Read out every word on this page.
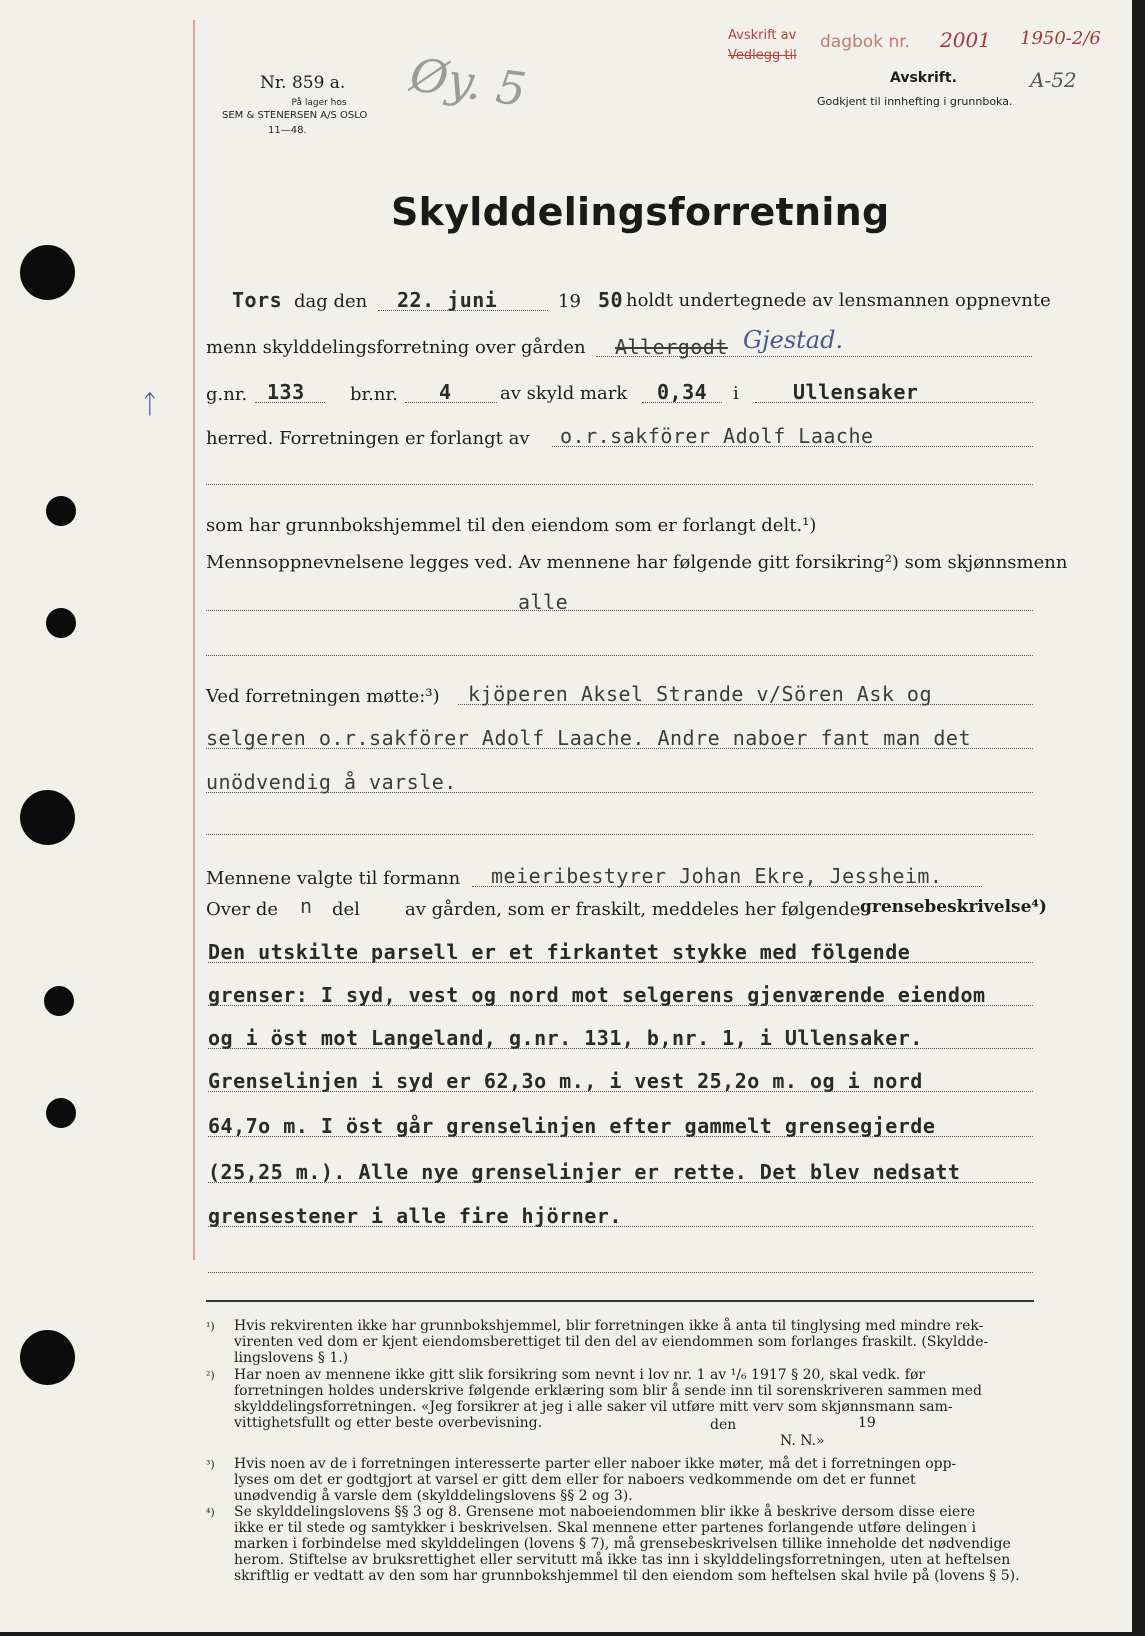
Nr. 859 a.
På lager hos
SEM & STENERSEN A/S OSLO
11—48.
Øy. 5
Avskrift av
Vedlegg til
dagbok nr. 2001 1950-2/6
Avskrift.
Godkjent til innhefting i grunnboka.
A-52
Skylddelingsforretning
Tors dag den 22. juni	19 50 holdt undertegnede av lensmannen oppnevnte
menn skylddelingsforretning over gården Allergodt Gjestad.
ᛏ	g.nr. 133	br.nr. 4	av skyld mark 0,34 i	Ullensaker
herred. Forretningen er forlangt av o.r.sakförer Adolf Laache
som har grunnbokshjemmel til den eiendom som er forlangt delt.¹)
Mennsoppnevnelsene legges ved. Av mennene har følgende gitt forsikring²) som skjønnsmenn
alle
Ved forretningen møtte:³) kjöperen Aksel Strande v/Sören Ask og
selgeren o.r.sakförer Adolf Laache. Andre naboer fant man det
unödvendig å varsle.
Mennene valgte til formann meieribestyrer Johan Ekre, Jessheim.
Over de n del	av gården, som er fraskilt, meddeles her følgende grensebeskrivelse⁴)
Den utskilte parsell er et firkantet stykke med fölgende
grenser: I syd, vest og nord mot selgerens gjenværende eiendom
og i öst mot Langeland, g.nr. 131, b,nr. 1, i Ullensaker.
Grenselinjen i syd er 62,3o m., i vest 25,2o m. og i nord
64,7o m. I öst går grenselinjen efter gammelt grensegjerde
(25,25 m.). Alle nye grenselinjer er rette. Det blev nedsatt
grensestener i alle fire hjörner.
¹) Hvis rekvirenten ikke har grunnbokshjemmel, blir forretningen ikke å anta til tinglysing med mindre rek-
virenten ved dom er kjent eiendomsberettiget til den del av eiendommen som forlanges fraskilt. (Skyldde-
lingslovens § 1.)
²) Har noen av mennene ikke gitt slik forsikring som nevnt i lov nr. 1 av ¹/₆ 1917 § 20, skal vedk. før
forretningen holdes underskrive følgende erklæring som blir å sende inn til sorenskriveren sammen med
skylddelingsforretningen. «Jeg forsikrer at jeg i alle saker vil utføre mitt verv som skjønnsmann sam-
vittighetsfullt og etter beste overbevisning.	den	19
N. N.»
³) Hvis noen av de i forretningen interesserte parter eller naboer ikke møter, må det i forretningen opp-
lyses om det er godtgjort at varsel er gitt dem eller for naboers vedkommende om det er funnet
unødvendig å varsle dem (skylddelingslovens §§ 2 og 3).
⁴) Se skylddelingslovens §§ 3 og 8. Grensene mot naboeiendommen blir ikke å beskrive dersom disse eiere
ikke er til stede og samtykker i beskrivelsen. Skal mennene etter partenes forlangende utføre delingen i
marken i forbindelse med skylddelingen (lovens § 7), må grensebeskrivelsen tillike inneholde det nødvendige
herom. Stiftelse av bruksrettighet eller servitutt må ikke tas inn i skylddelingsforretningen, uten at heftelsen
skriftlig er vedtatt av den som har grunnbokshjemmel til den eiendom som heftelsen skal hvile på (lovens § 5).
